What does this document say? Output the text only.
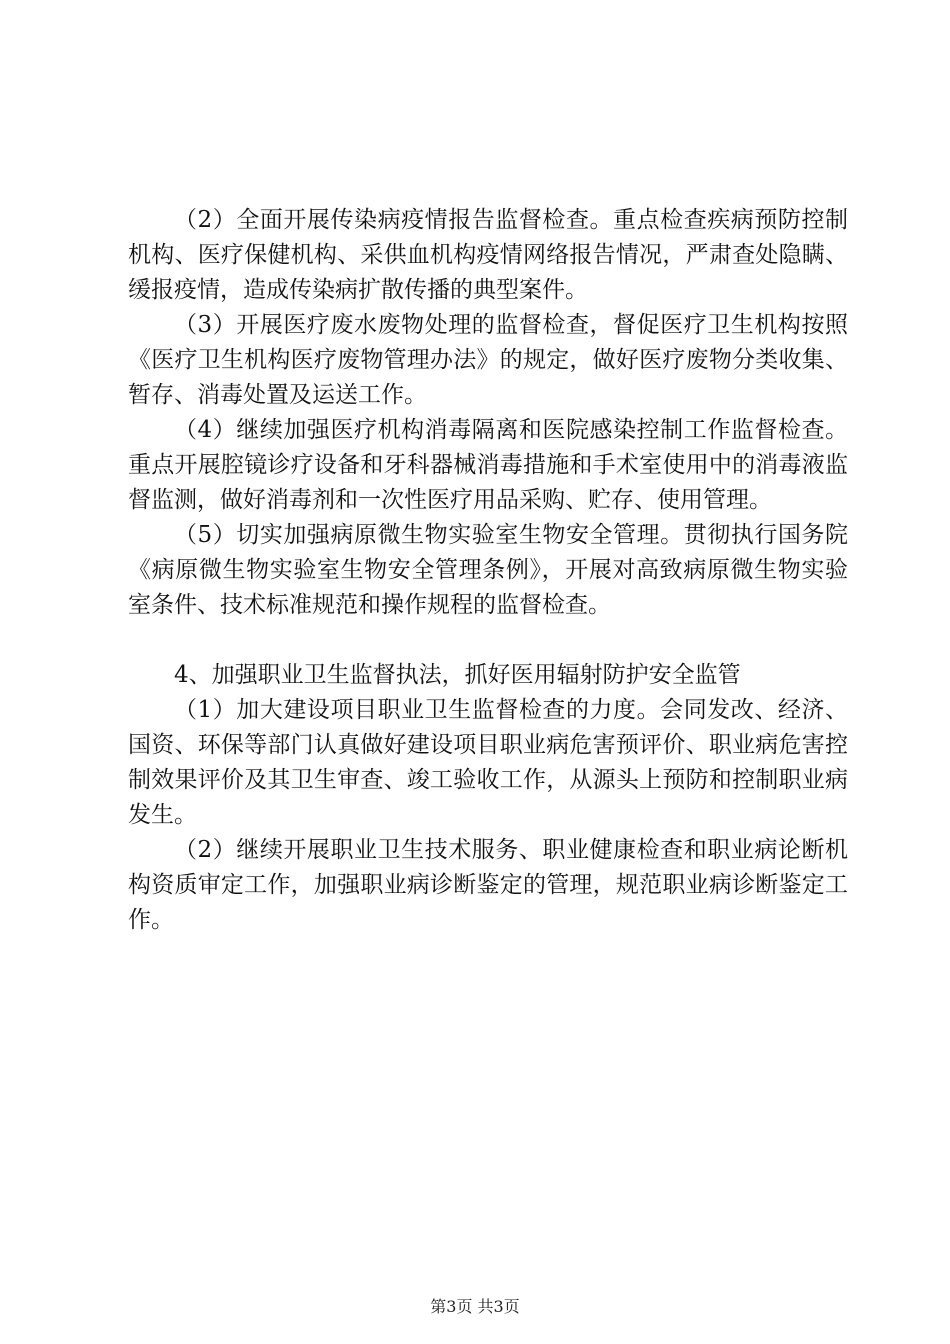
（2）全面开展传染病疫情报告监督检查。重点检查疾病预防控制机构、医疗保健机构、采供血机构疫情网络报告情况，严肃查处隐瞒、缓报疫情，造成传染病扩散传播的典型案件。

（3）开展医疗废水废物处理的监督检查，督促医疗卫生机构按照《医疗卫生机构医疗废物管理办法》的规定，做好医疗废物分类收集、暂存、消毒处置及运送工作。

（4）继续加强医疗机构消毒隔离和医院感染控制工作监督检查。重点开展腔镜诊疗设备和牙科器械消毒措施和手术室使用中的消毒液监督监测，做好消毒剂和一次性医疗用品采购、贮存、使用管理。

（5）切实加强病原微生物实验室生物安全管理。贯彻执行国务院《病原微生物实验室生物安全管理条例》，开展对高致病原微生物实验室条件、技术标准规范和操作规程的监督检查。

4、加强职业卫生监督执法，抓好医用辐射防护安全监管

（1）加大建设项目职业卫生监督检查的力度。会同发改、经济、国资、环保等部门认真做好建设项目职业病危害预评价、职业病危害控制效果评价及其卫生审查、竣工验收工作，从源头上预防和控制职业病发生。

（2）继续开展职业卫生技术服务、职业健康检查和职业病论断机构资质审定工作，加强职业病诊断鉴定的管理，规范职业病诊断鉴定工作。

第3页 共3页
